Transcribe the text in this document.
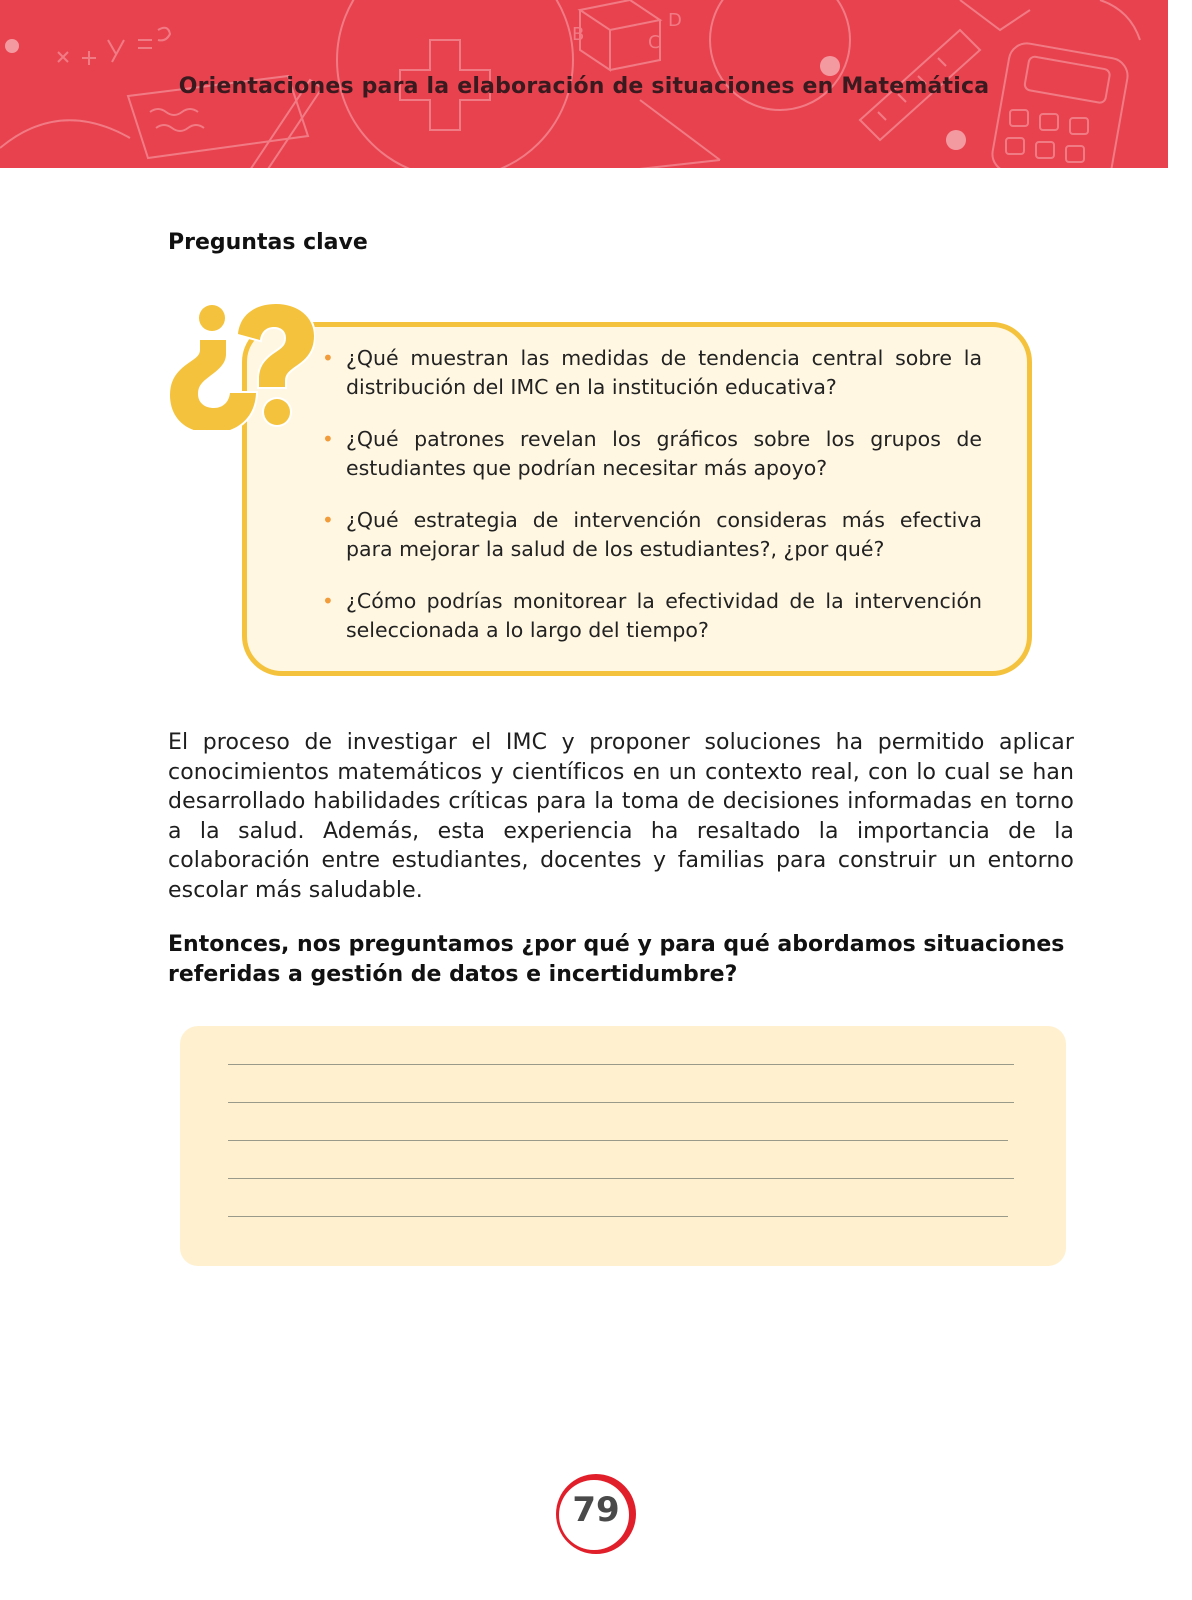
B
D
C
Orientaciones para la elaboración de situaciones en Matemática
Preguntas clave
• ¿Qué muestran las medidas de tendencia central sobre la distribución del IMC en la institución educativa?
• ¿Qué patrones revelan los gráficos sobre los grupos de estudiantes que podrían necesitar más apoyo?
• ¿Qué estrategia de intervención consideras más efectiva para mejorar la salud de los estudiantes?, ¿por qué?
• ¿Cómo podrías monitorear la efectividad de la intervención seleccionada a lo largo del tiempo?

El proceso de investigar el IMC y proponer soluciones ha permitido aplicar conocimientos matemáticos y científicos en un contexto real, con lo cual se han desarrollado habilidades críticas para la toma de decisiones informadas en torno a la salud. Además, esta experiencia ha resaltado la importancia de la colaboración entre estudiantes, docentes y familias para construir un entorno escolar más saludable.

Entonces, nos preguntamos ¿por qué y para qué abordamos situaciones referidas a gestión de datos e incertidumbre?

79
